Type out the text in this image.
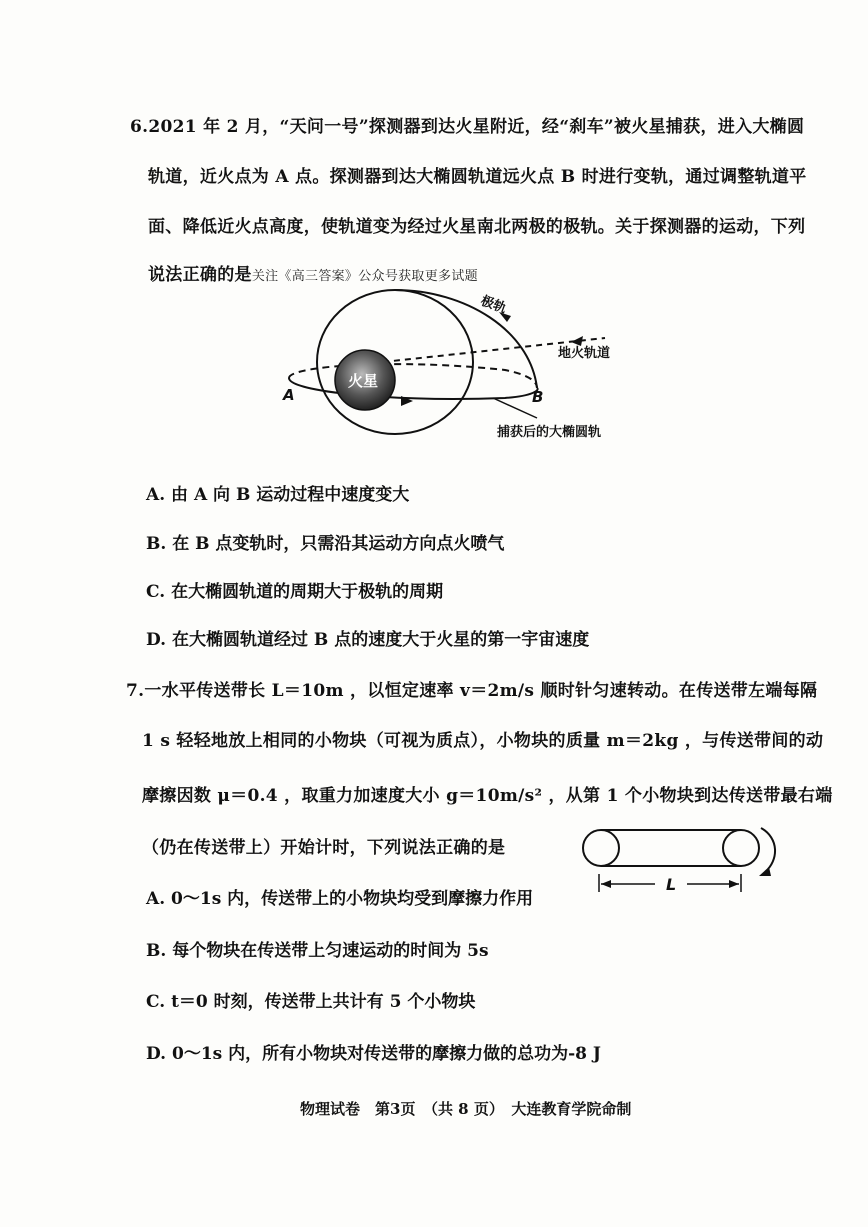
6.2021 年 2 月，“天问一号”探测器到达火星附近，经“刹车”被火星捕获，进入大椭圆
轨道，近火点为 A 点。探测器到达大椭圆轨道远火点 B 时进行变轨，通过调整轨道平
面、降低近火点高度，使轨道变为经过火星南北两极的极轨。关于探测器的运动，下列
说法正确的是关注《高三答案》公众号获取更多试题
火星
A	B
极轨
地火轨道
捕获后的大椭圆轨
A. 由 A 向 B 运动过程中速度变大
B. 在 B 点变轨时，只需沿其运动方向点火喷气
C. 在大椭圆轨道的周期大于极轨的周期
D. 在大椭圆轨道经过 B 点的速度大于火星的第一宇宙速度
7.一水平传送带长 L＝10m ，以恒定速率 v＝2m/s 顺时针匀速转动。在传送带左端每隔
1 s 轻轻地放上相同的小物块（可视为质点），小物块的质量 m＝2kg ，与传送带间的动
摩擦因数 μ＝0.4 ，取重力加速度大小 g＝10m/s² ，从第 1 个小物块到达传送带最右端
（仍在传送带上）开始计时，下列说法正确的是
L
A. 0～1s 内，传送带上的小物块均受到摩擦力作用
B. 每个物块在传送带上匀速运动的时间为 5s
C. t＝0 时刻，传送带上共计有 5 个小物块
D. 0～1s 内，所有小物块对传送带的摩擦力做的总功为-8 J
物理试卷　第3页　（共 8 页）　大连教育学院命制
